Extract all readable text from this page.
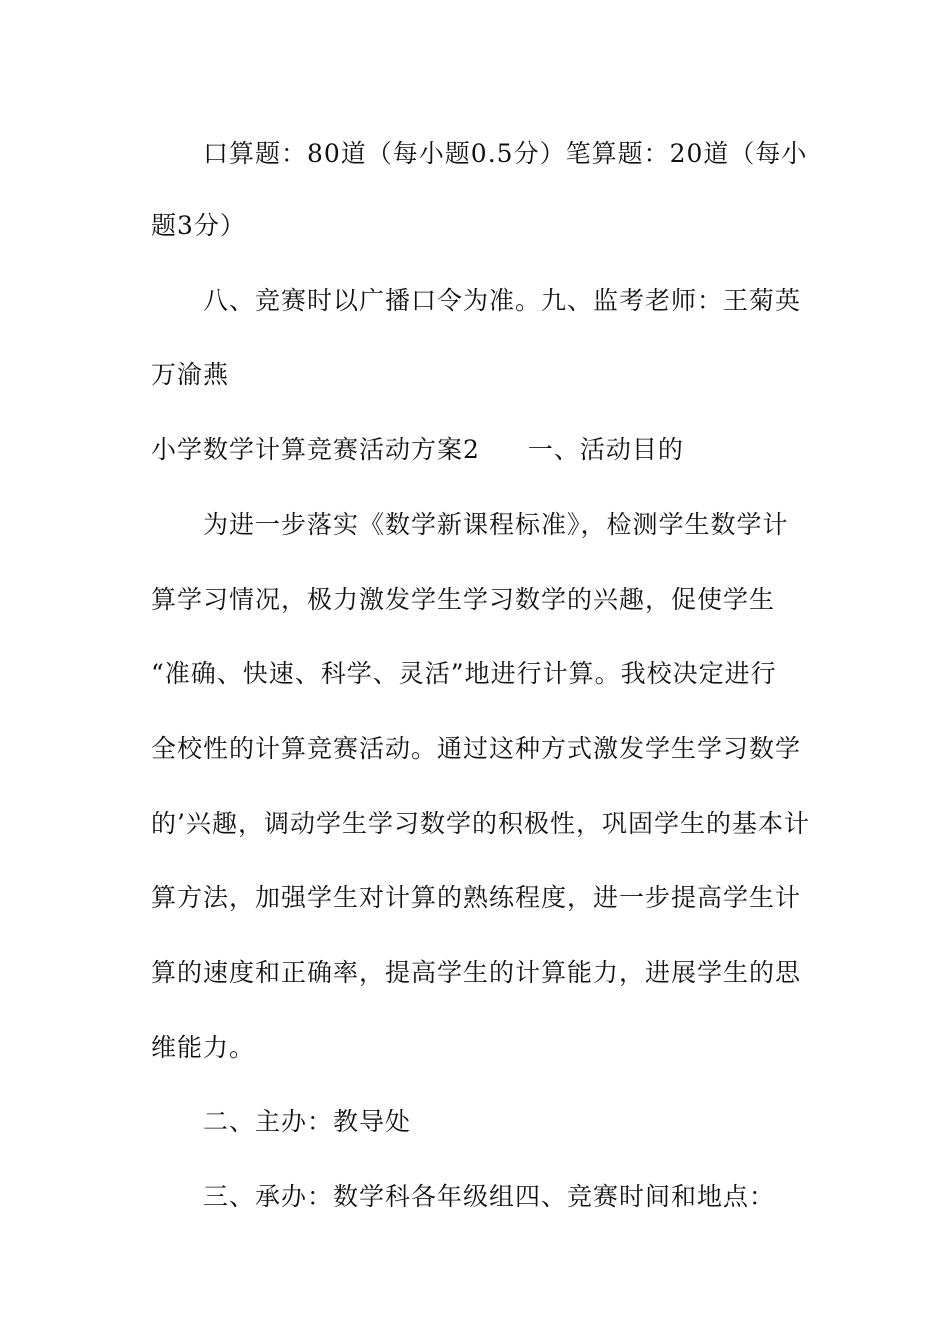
口算题：80道（每小题0.5分）笔算题：20道（每小
题3分）
八、竞赛时以广播口令为准。九、监考老师：王菊英
万渝燕
小学数学计算竞赛活动方案2 一、活动目的
为进一步落实《数学新课程标准》，检测学生数学计
算学习情况，极力激发学生学习数学的兴趣，促使学生
“准确、快速、科学、灵活”地进行计算。我校决定进行
全校性的计算竞赛活动。通过这种方式激发学生学习数学
的’兴趣，调动学生学习数学的积极性，巩固学生的基本计
算方法，加强学生对计算的熟练程度，进一步提高学生计
算的速度和正确率，提高学生的计算能力，进展学生的思
维能力。
二、主办：教导处
三、承办：数学科各年级组四、竞赛时间和地点：
